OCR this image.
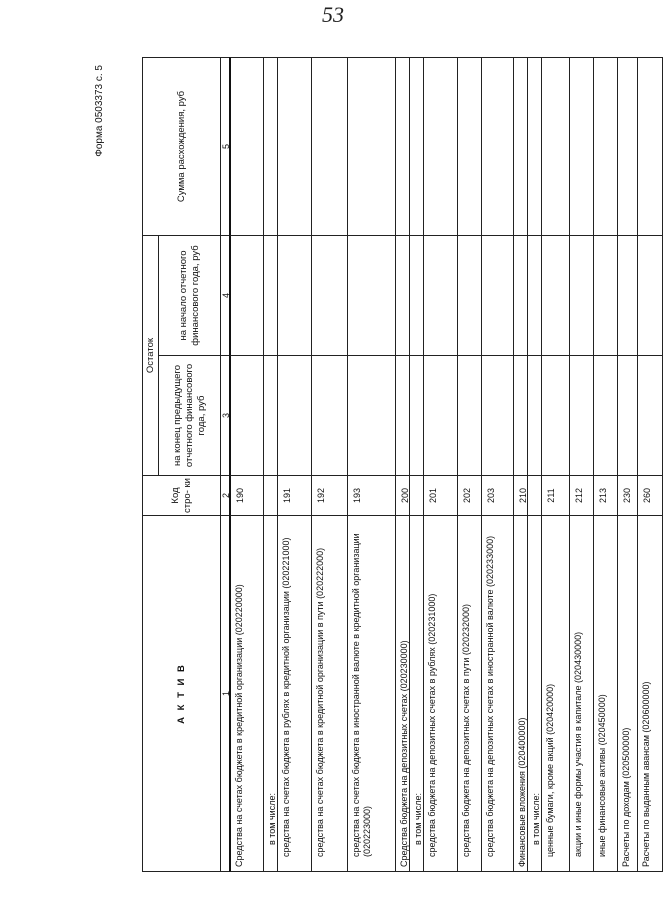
53
Форма 0503373 с. 5
А К Т И В
Код стро- ки
Остаток
на конец предыдущего отчетного финансового года, руб
на начало отчетного финансового года, руб
Сумма расхождения, руб
1
2
3
4
5
Средства на счетах бюджета в кредитной организации (020220000)
190
в том числе: средства на счетах бюджета в рублях в кредитной организации (020221000)
191
средства на счетах бюджета в кредитной организации в пути (020222000)
192
средства на счетах бюджета в иностранной валюте в кредитной организации (020223000)
193
Средства бюджета на депозитных счетах (020230000)
200
в том числе: средства бюджета на депозитных счетах в рублях (020231000)
201
средства бюджета на депозитных счетах в пути (020232000)
202
средства бюджета на депозитных счетах в иностранной валюте (020233000)
203
Финансовые вложения (020400000)
210
в том числе: ценные бумаги, кроме акций (020420000)
211
акции и иные формы участия в капитале (020430000)
212
иные финансовые активы (020450000)
213
Расчеты по доходам (020500000)
230
Расчеты по выданным авансам (020600000)
260
